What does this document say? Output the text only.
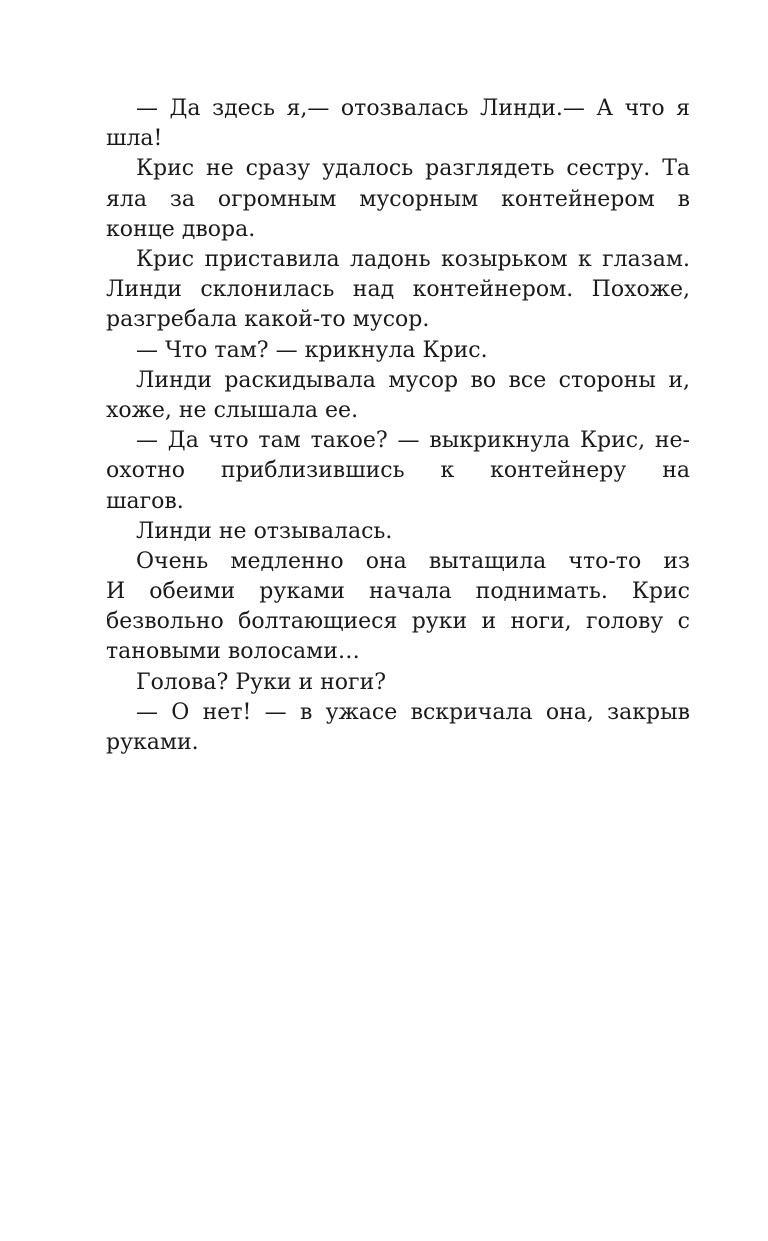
— Да здесь я,— отозвалась Линди.— А что я
шла!
Крис не сразу удалось разглядеть сестру. Та
яла за огромным мусорным контейнером в
конце двора.
Крис приставила ладонь козырьком к глазам.
Линди склонилась над контейнером. Похоже,
разгребала какой-то мусор.
— Что там? — крикнула Крис.
Линди раскидывала мусор во все стороны и,
хоже, не слышала ее.
— Да что там такое? — выкрикнула Крис, не-
охотно приблизившись к контейнеру на
шагов.
Линди не отзывалась.
Очень медленно она вытащила что-то из
И обеими руками начала поднимать. Крис
безвольно болтающиеся руки и ноги, голову с
тановыми волосами…
Голова? Руки и ноги?
— О нет! — в ужасе вскричала она, закрыв
руками.
